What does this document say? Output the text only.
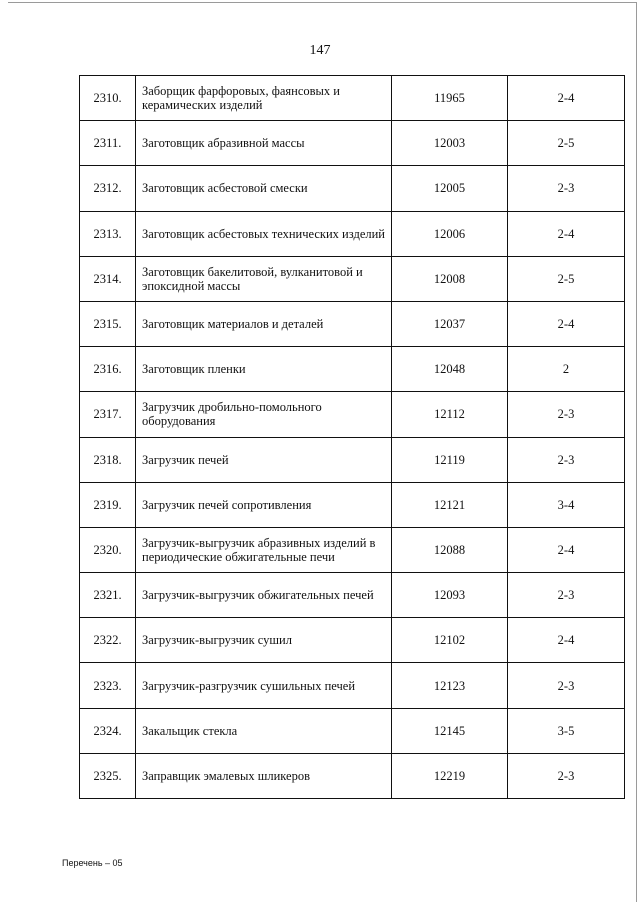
147
2310.	Заборщик фарфоровых, фаянсовых и керамических изделий	11965	2-4
2311.	Заготовщик абразивной массы	12003	2-5
2312.	Заготовщик асбестовой смески	12005	2-3
2313.	Заготовщик асбестовых технических изделий	12006	2-4
2314.	Заготовщик бакелитовой, вулканитовой и эпоксидной массы	12008	2-5
2315.	Заготовщик материалов и деталей	12037	2-4
2316.	Заготовщик пленки	12048	2
2317.	Загрузчик дробильно-помольного оборудования	12112	2-3
2318.	Загрузчик печей	12119	2-3
2319.	Загрузчик печей сопротивления	12121	3-4
2320.	Загрузчик-выгрузчик абразивных изделий в периодические обжигательные печи	12088	2-4
2321.	Загрузчик-выгрузчик обжигательных печей	12093	2-3
2322.	Загрузчик-выгрузчик сушил	12102	2-4
2323.	Загрузчик-разгрузчик сушильных печей	12123	2-3
2324.	Закальщик стекла	12145	3-5
2325.	Заправщик эмалевых шликеров	12219	2-3
Перечень – 05
